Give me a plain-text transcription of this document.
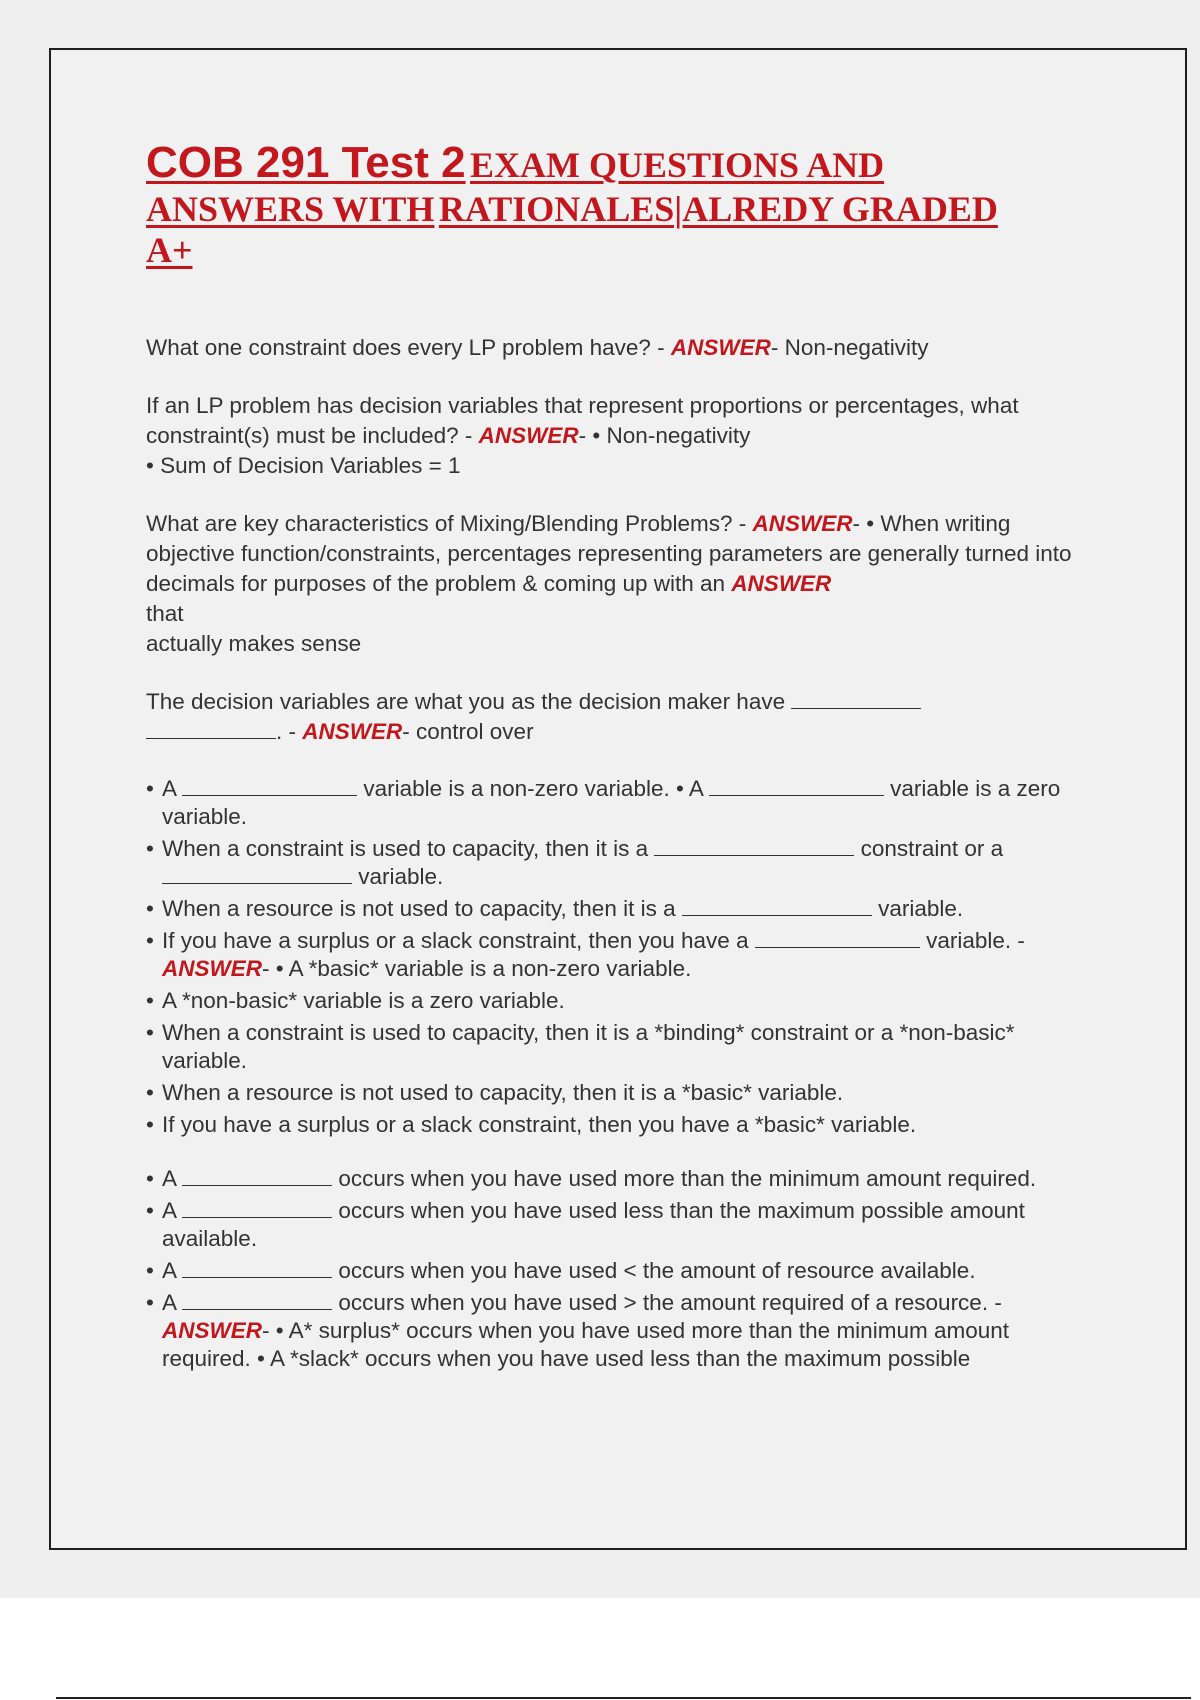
COB 291 Test 2 EXAM QUESTIONS AND
ANSWERS WITH RATIONALES|ALREDY GRADED
A+

What one constraint does every LP problem have? - ANSWER- Non-negativity

If an LP problem has decision variables that represent proportions or percentages, what constraint(s) must be included? - ANSWER- • Non-negativity
• Sum of Decision Variables = 1

What are key characteristics of Mixing/Blending Problems? - ANSWER- • When writing objective function/constraints, percentages representing parameters are generally turned into decimals for purposes of the problem & coming up with an ANSWER
that
actually makes sense

The decision variables are what you as the decision maker have
. - ANSWER- control over

• A	variable is a non-zero variable. • A	variable is a zero variable.
• When a constraint is used to capacity, then it is a	constraint or a  variable.
• When a resource is not used to capacity, then it is a	variable.
• If you have a surplus or a slack constraint, then you have a	variable. - ANSWER- • A *basic* variable is a non-zero variable.
• A *non-basic* variable is a zero variable.
• When a constraint is used to capacity, then it is a *binding* constraint or a *non-basic* variable.
• When a resource is not used to capacity, then it is a *basic* variable.
• If you have a surplus or a slack constraint, then you have a *basic* variable.
• A	occurs when you have used more than the minimum amount required.
• A	occurs when you have used less than the maximum possible amount available.
• A	occurs when you have used < the amount of resource available.
• A	occurs when you have used > the amount required of a resource. - ANSWER- • A* surplus* occurs when you have used more than the minimum amount required. • A *slack* occurs when you have used less than the maximum possible
